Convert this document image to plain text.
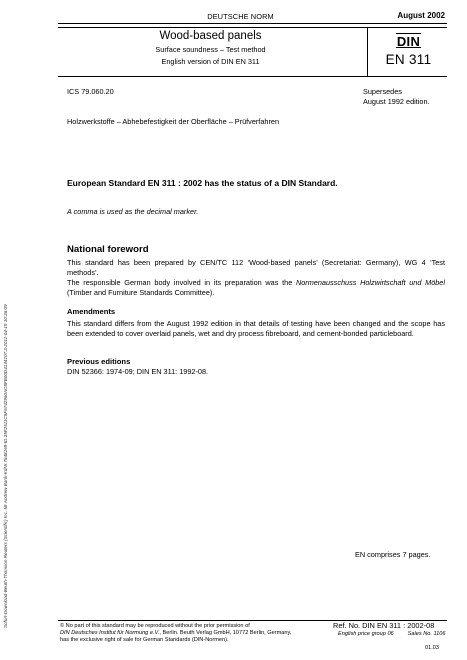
DEUTSCHE NORM	August 2002
Wood-based panels
Surface soundness – Test method
English version of DIN EN 311
DIN
EN 311
ICS 79.060.20	Supersedes
August 1992 edition.
Holzwerkstoffe – Abhebefestigkeit der Oberfläche – Prüfverfahren
European Standard EN 311 : 2002 has the status of a DIN Standard.
A comma is used as the decimal marker.
National foreword
This standard has been prepared by CEN/TC 112 ‘Wood-based panels’ (Secretariat: Germany), WG 4 ‘Test methods’.
The responsible German body involved in its preparation was the Normenausschuss Holzwirtschaft und Möbel (Timber and Furniture Standards Committee).
Amendments
This standard differs from the August 1992 edition in that details of testing have been changed and the scope has been extended to cover overlaid panels, wet and dry process fibreboard, and cement-bonded particleboard.
Previous editions
DIN 52366: 1974-09; DIN EN 311: 1992-08.
EN comprises 7 pages.
© No part of this standard may be reproduced without the prior permission of
DIN Deutsches Institut für Normung e.V., Berlin. Beuth Verlag GmbH, 10772 Berlin, Germany,
has the exclusive right of sale for German Standards (DIN-Normen).
Ref. No. DIN EN 311 : 2002-08
English price group 06	Sales No. 1106
01.03
Sofort-Download-Beuth-Thomson Reuters (Scientific) Inc. Mr Andrew Bank-KdNr.7548169-ID.35F2511C5F6742960AC8FB00D414410T.3-2011-04-19 10:36:09
